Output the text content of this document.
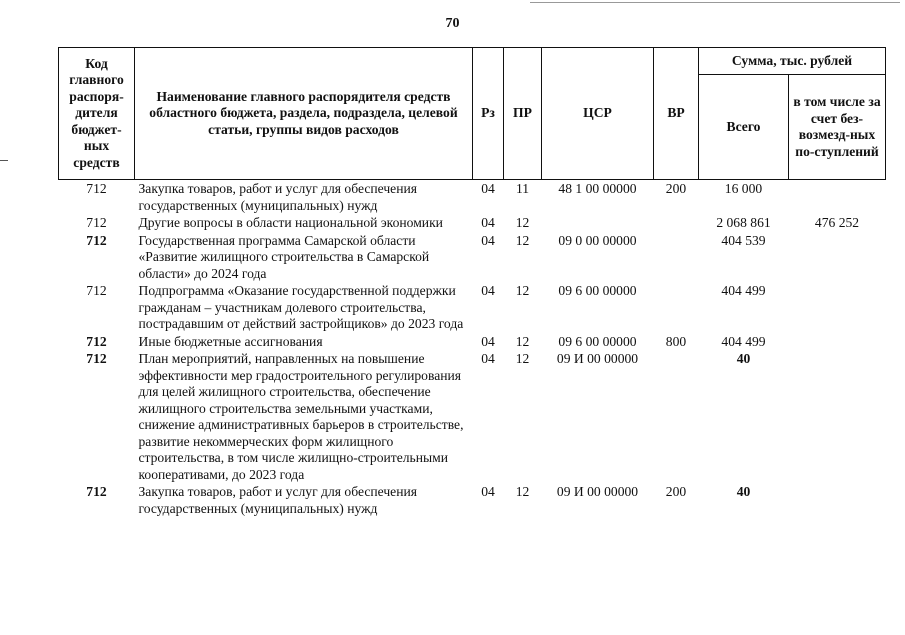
70
Код главного распоря-дителя бюджет-ных средств	Наименование главного распорядителя средств областного бюджета, раздела, подраздела, целевой статьи, группы видов расходов	Рз	ПР	ЦСР	ВР	Сумма, тыс. рублей	
						Всего	в том числе за счет без-возмезд-ных по-ступлений
712	Закупка товаров, работ и услуг для обеспечения государственных (муниципальных) нужд	04	11	48 1 00 00000	200	16 000	
712	Другие вопросы в области национальной экономики	04	12			2 068 861	476 252
712	Государственная программа Самарской области «Развитие жилищного строительства в Самарской области» до 2024 года	04	12	09 0 00 00000		404 539	
712	Подпрограмма «Оказание государственной поддержки гражданам – участникам долевого строительства, пострадавшим от действий застройщиков» до 2023 года	04	12	09 6 00 00000		404 499	
712	Иные бюджетные ассигнования	04	12	09 6 00 00000	800	404 499	
712	План мероприятий, направленных на повышение эффективности мер градостроительного регулирования для целей жилищного строительства, обеспечение жилищного строительства земельными участками, снижение административных барьеров в строительстве, развитие некоммерческих форм жилищного строительства, в том числе жилищно-строительными кооперативами, до 2023 года	04	12	09 И 00 00000		40	
712	Закупка товаров, работ и услуг для обеспечения государственных (муниципальных) нужд	04	12	09 И 00 00000	200	40	
